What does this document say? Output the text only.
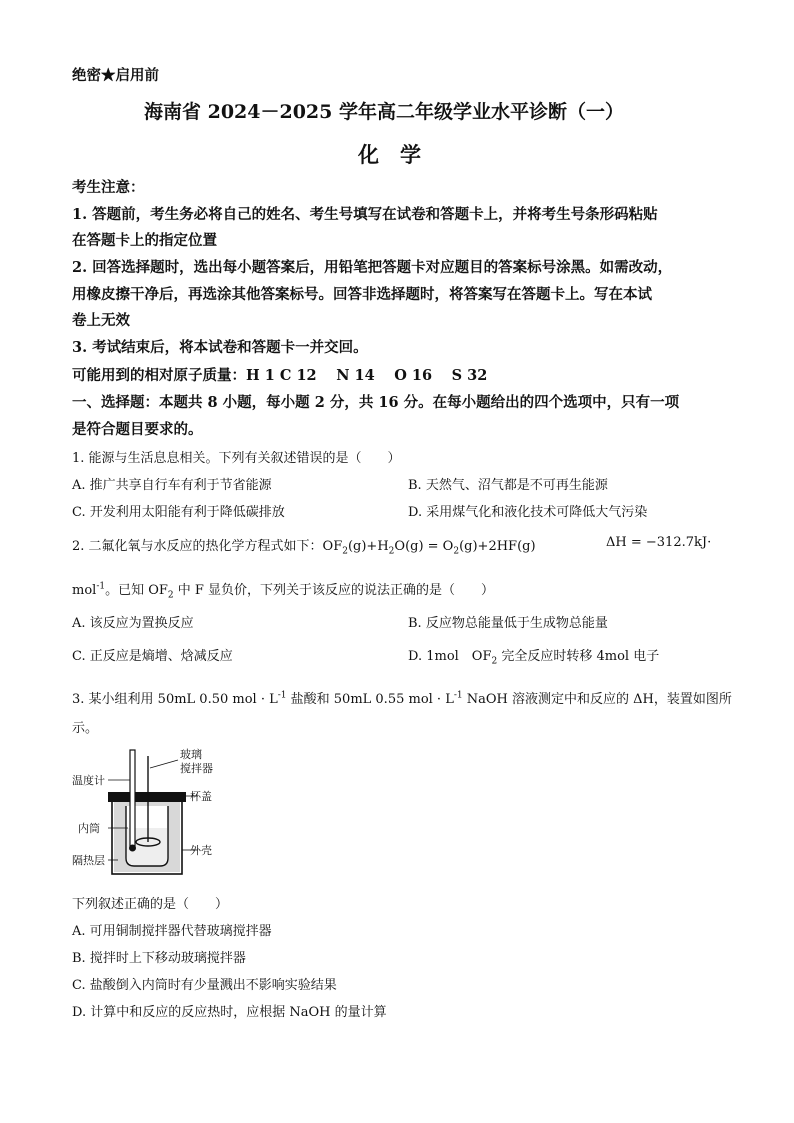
绝密★启用前
海南省 2024－2025 学年高二年级学业水平诊断（一）
化　学
考生注意：
1. 答题前，考生务必将自己的姓名、考生号填写在试卷和答题卡上，并将考生号条形码粘贴
在答题卡上的指定位置
2. 回答选择题时，选出每小题答案后，用铅笔把答题卡对应题目的答案标号涂黑。如需改动，
用橡皮擦干净后，再选涂其他答案标号。回答非选择题时，将答案写在答题卡上。写在本试
卷上无效
3. 考试结束后，将本试卷和答题卡一并交回。
可能用到的相对原子质量：H 1 C 12　 N 14　 O 16　 S 32
一、选择题：本题共 8 小题，每小题 2 分，共 16 分。在每小题给出的四个选项中，只有一项
是符合题目要求的。
1. 能源与生活息息相关。下列有关叙述错误的是（　　）
A. 推广共享自行车有利于节省能源	B. 天然气、沼气都是不可再生能源
C. 开发利用太阳能有利于降低碳排放	D. 采用煤气化和液化技术可降低大气污染
2. 二氟化氧与水反应的热化学方程式如下：$OF_2(g)+H_2O(g) = O_2(g)+2HF(g)$	ΔH = −312.7kJ·
mol$^{-1}$。已知 $OF_2$ 中 F 显负价，下列关于该反应的说法正确的是（　　）
A. 该反应为置换反应	B. 反应物总能量低于生成物总能量
C. 正反应是熵增、焓减反应	D. 1mol　$OF_2$ 完全反应时转移 4mol 电子
3. 某小组利用 50mL 0.50 mol · $L^{-1}$ 盐酸和 50mL 0.55 mol · $L^{-1}$ NaOH 溶液测定中和反应的 ΔH，装置如图所
示。
温度计
玻璃
搅拌器
杯盖
内筒
外壳
隔热层
下列叙述正确的是（　　）
A. 可用铜制搅拌器代替玻璃搅拌器
B. 搅拌时上下移动玻璃搅拌器
C. 盐酸倒入内筒时有少量溅出不影响实验结果
D. 计算中和反应的反应热时，应根据 NaOH 的量计算
